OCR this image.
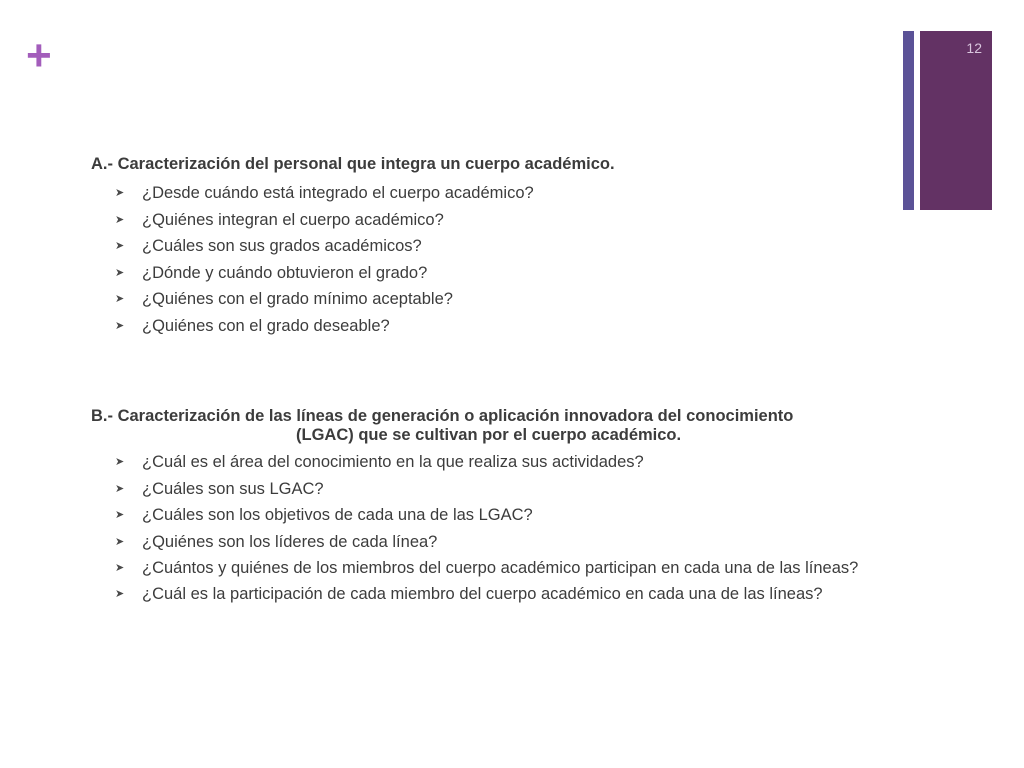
+	12
A.- Caracterización del personal que integra un cuerpo académico.
➤ ¿Desde cuándo está integrado el cuerpo académico?
➤ ¿Quiénes integran el cuerpo académico?
➤ ¿Cuáles son sus grados académicos?
➤ ¿Dónde y cuándo obtuvieron el grado?
➤ ¿Quiénes con el grado mínimo aceptable?
➤ ¿Quiénes con el grado deseable?
B.- Caracterización de las líneas de generación o aplicación innovadora del conocimiento
(LGAC) que se cultivan por el cuerpo académico.
➤ ¿Cuál es el área del conocimiento en la que realiza sus actividades?
➤ ¿Cuáles son sus LGAC?
➤ ¿Cuáles son los objetivos de cada una de las LGAC?
➤ ¿Quiénes son los líderes de cada línea?
➤ ¿Cuántos y quiénes de los miembros del cuerpo académico participan en cada una de las líneas?
➤ ¿Cuál es la participación de cada miembro del cuerpo académico en cada una de las líneas?
